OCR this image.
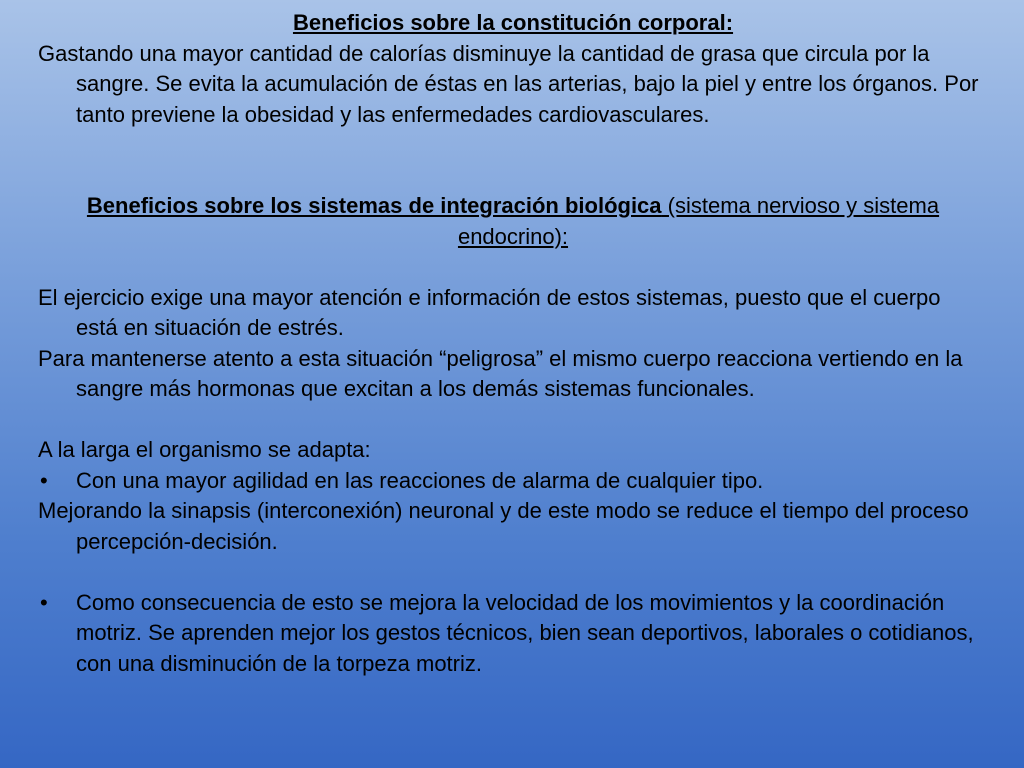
Beneficios sobre la constitución corporal:

Gastando una mayor cantidad de calorías disminuye la cantidad de grasa que circula por la sangre. Se evita la acumulación de éstas en las arterias, bajo la piel y entre los órganos. Por tanto previene la obesidad y las enfermedades cardiovasculares.

Beneficios sobre los sistemas de integración biológica (sistema nervioso y sistema endocrino):

El ejercicio exige una mayor atención e información de estos sistemas, puesto que el cuerpo está en situación de estrés.

Para mantenerse atento a esta situación “peligrosa” el mismo cuerpo reacciona vertiendo en la sangre más hormonas que excitan a los demás sistemas funcionales.

A la larga el organismo se adapta:

• Con una mayor agilidad en las reacciones de alarma de cualquier tipo.

Mejorando la sinapsis (interconexión) neuronal y de este modo se reduce el tiempo del proceso percepción-decisión.

• Como consecuencia de esto se mejora la velocidad de los movimientos y la coordinación motriz. Se aprenden mejor los gestos técnicos, bien sean deportivos, laborales o cotidianos, con una disminución de la torpeza motriz.
